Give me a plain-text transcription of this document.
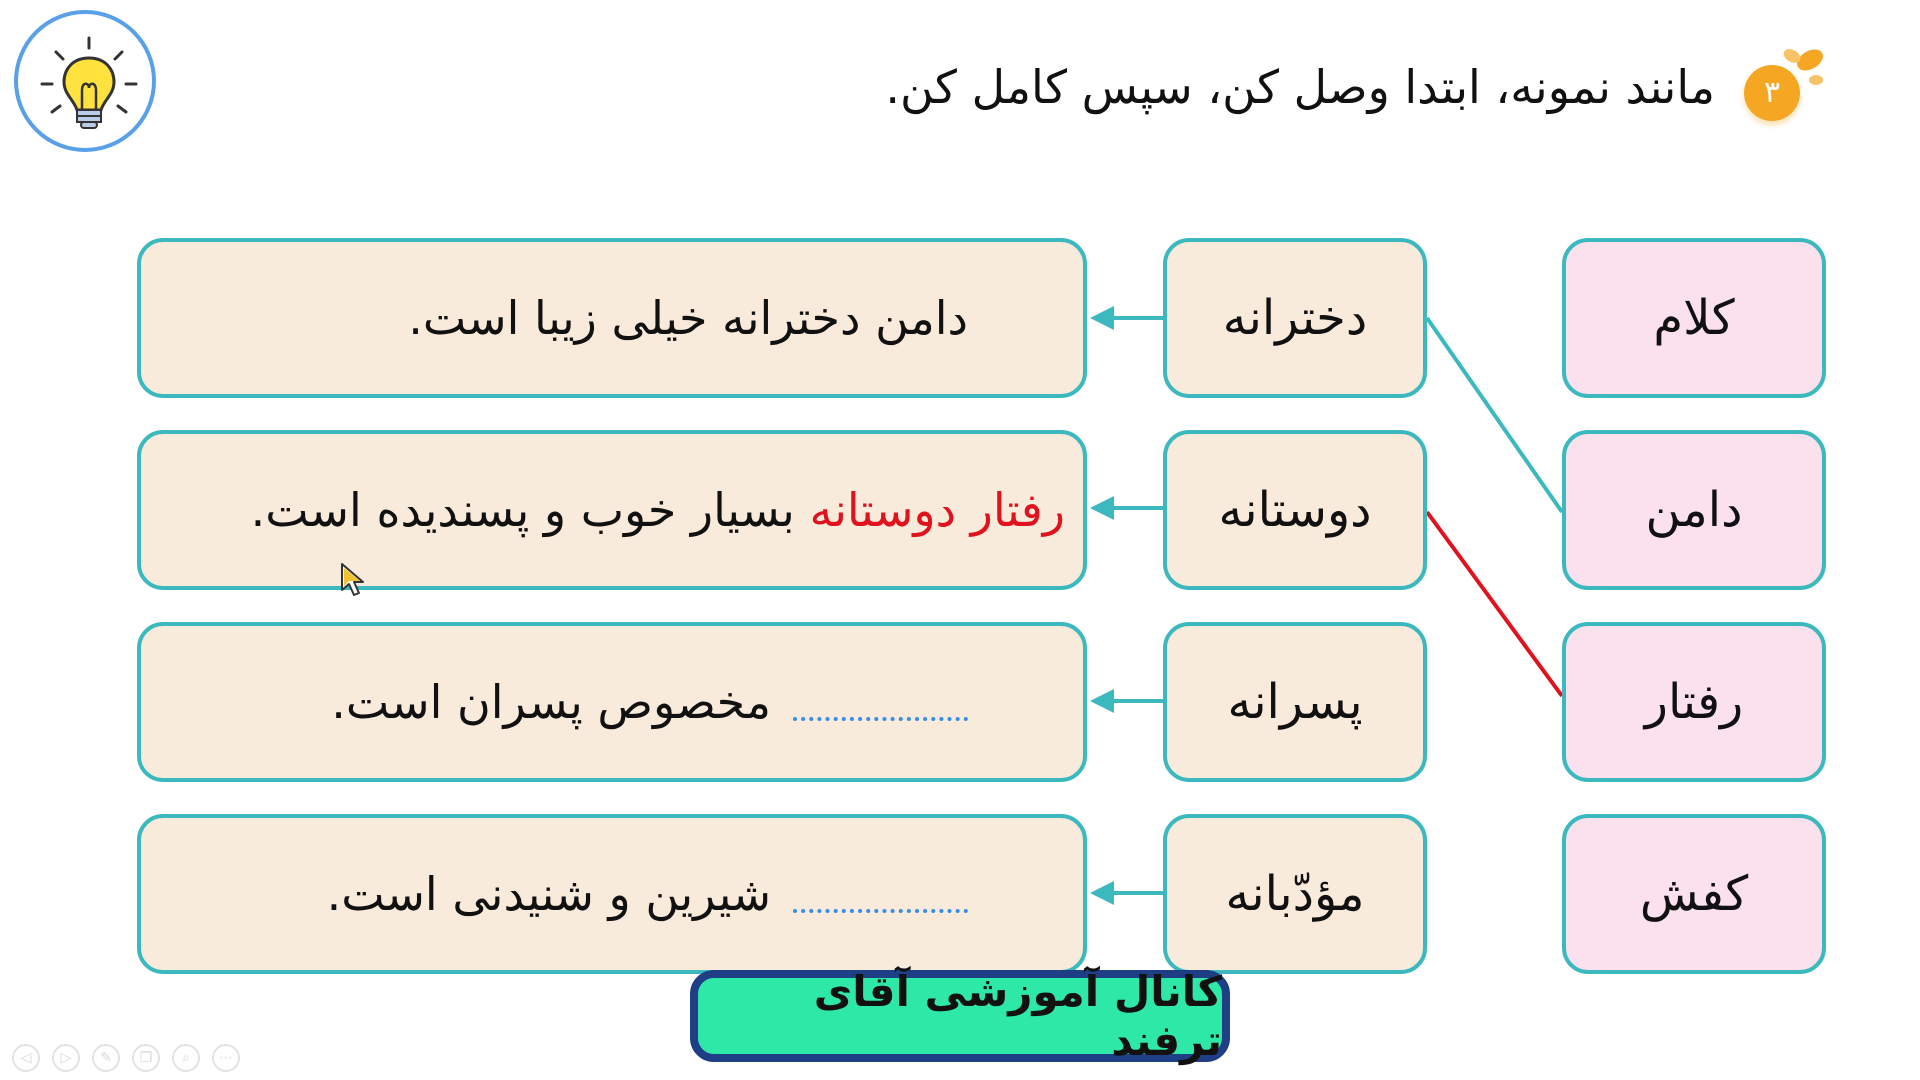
۳
مانند نمونه، ابتدا وصل کن، سپس کامل کن.
کلام
دامن
رفتار
کفش
دخترانه
دوستانه
پسرانه
مؤدّبانه
دامن دخترانه خیلی زیبا است.
رفتار دوستانه

بسیار خوب و پسندیده است.
مخصوص پسران است.
شیرین و شنیدنی است.
کانال آموزشی آقای ترفند
◁	▷	✎	❐	⌕	⋯
